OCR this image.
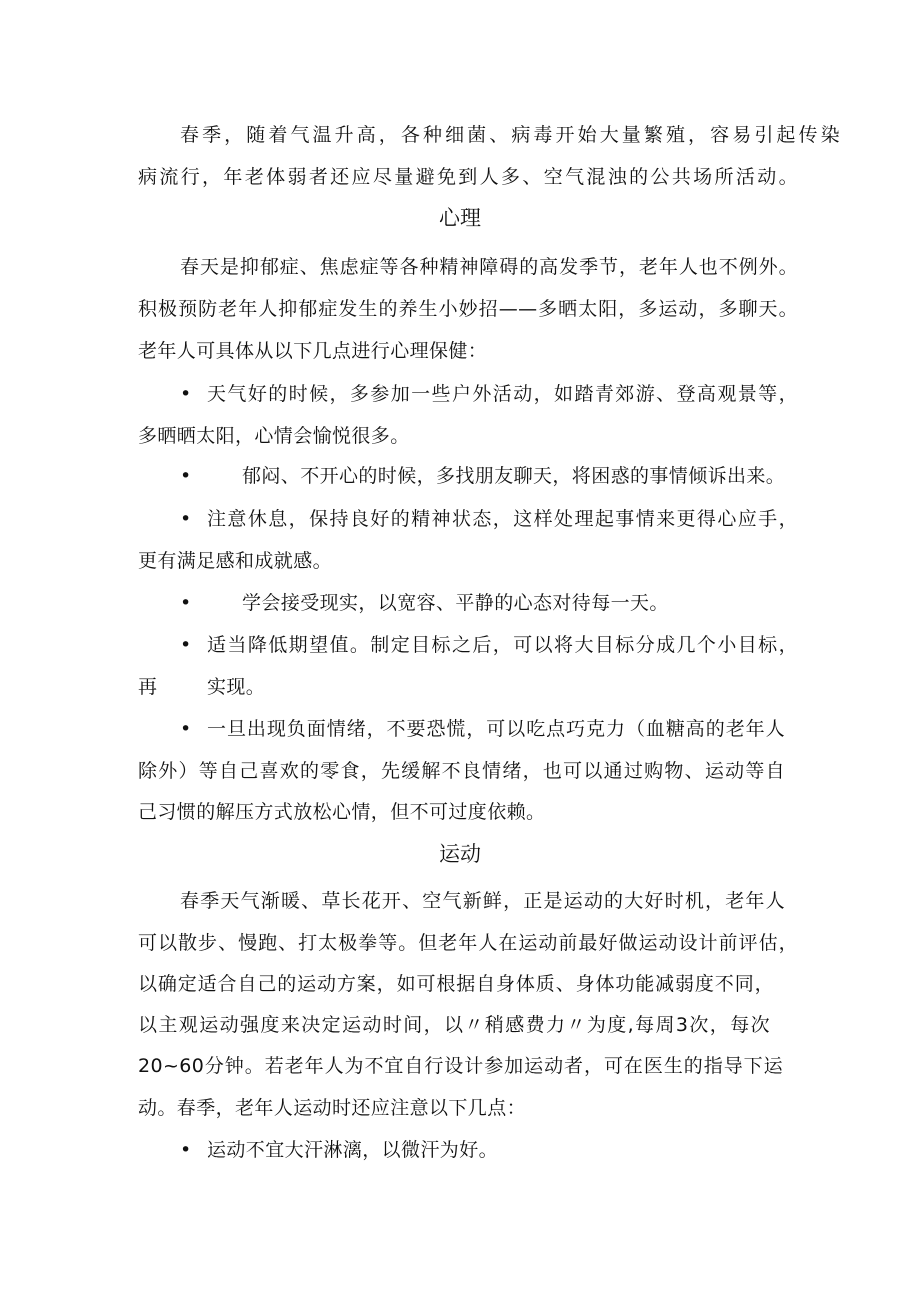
春季，随着气温升高，各种细菌、病毒开始大量繁殖，容易引起传染
病流行，年老体弱者还应尽量避免到人多、空气混浊的公共场所活动。
心理
春天是抑郁症、焦虑症等各种精神障碍的高发季节，老年人也不例外。
积极预防老年人抑郁症发生的养生小妙招——多晒太阳，多运动，多聊天。
老年人可具体从以下几点进行心理保健：
• 天气好的时候，多参加一些户外活动，如踏青郊游、登高观景等，
多晒晒太阳，心情会愉悦很多。
•	郁闷、不开心的时候，多找朋友聊天，将困惑的事情倾诉出来。
• 注意休息，保持良好的精神状态，这样处理起事情来更得心应手，
更有满足感和成就感。
•	学会接受现实，以宽容、平静的心态对待每一天。
• 适当降低期望值。制定目标之后，可以将大目标分成几个小目标，
再	实现。
• 一旦出现负面情绪，不要恐慌，可以吃点巧克力（血糖高的老年人
除外）等自己喜欢的零食，先缓解不良情绪，也可以通过购物、运动等自
己习惯的解压方式放松心情，但不可过度依赖。
运动
春季天气渐暖、草长花开、空气新鲜，正是运动的大好时机，老年人
可以散步、慢跑、打太极拳等。但老年人在运动前最好做运动设计前评估，
以确定适合自己的运动方案，如可根据自身体质、身体功能减弱度不同，
以主观运动强度来决定运动时间，以〃稍感费力〃为度,每周3次，每次
20~60分钟。若老年人为不宜自行设计参加运动者，可在医生的指导下运
动。春季，老年人运动时还应注意以下几点：
• 运动不宜大汗淋漓，以微汗为好。
